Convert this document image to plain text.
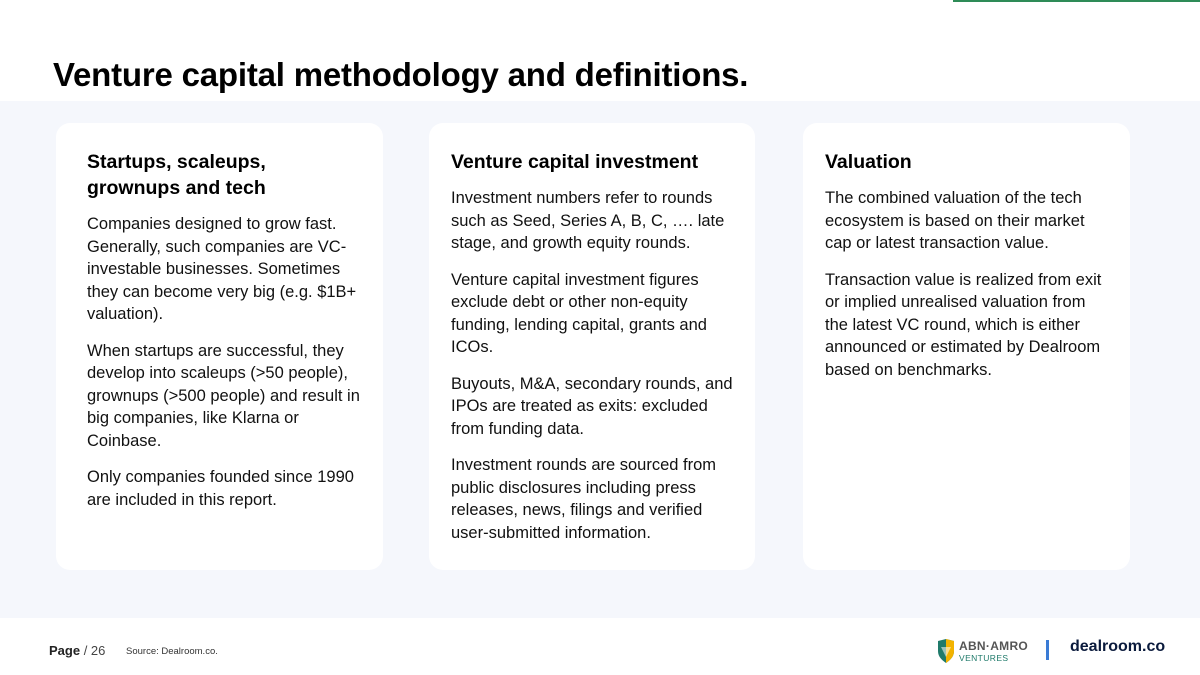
Venture capital methodology and definitions.
Startups, scaleups, grownups and tech

Companies designed to grow fast. Generally, such companies are VC-investable businesses. Sometimes they can become very big (e.g. $1B+ valuation).

When startups are successful, they develop into scaleups (>50 people), grownups (>500 people) and result in big companies, like Klarna or Coinbase.

Only companies founded since 1990 are included in this report.

Venture capital investment

Investment numbers refer to rounds such as Seed, Series A, B, C, …. late stage, and growth equity rounds.

Venture capital investment figures exclude debt or other non-equity funding, lending capital, grants and ICOs.

Buyouts, M&A, secondary rounds, and IPOs are treated as exits: excluded from funding data.

Investment rounds are sourced from public disclosures including press releases, news, filings and verified user-submitted information.

Valuation

The combined valuation of the tech ecosystem is based on their market cap or latest transaction value.

Transaction value is realized from exit or implied unrealised valuation from the latest VC round, which is either announced or estimated by Dealroom based on benchmarks.

Page / 26 Source: Dealroom.co.	ABN·AMRO
VENTURES
dealroom.co
